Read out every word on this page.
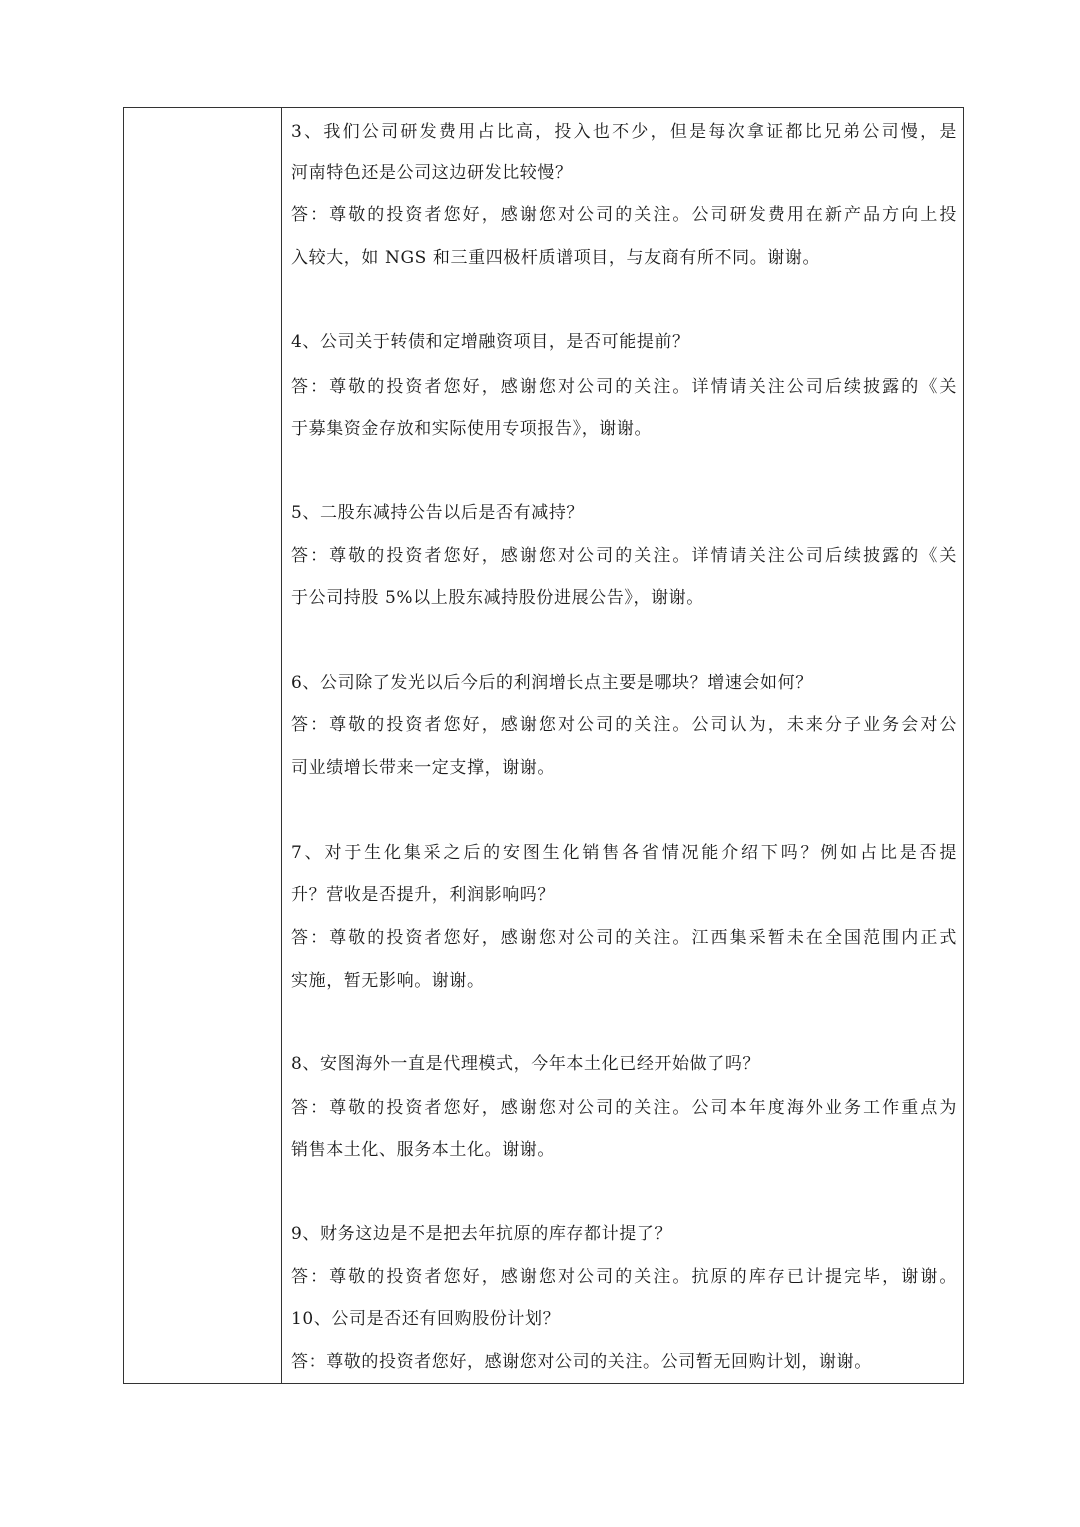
3、我们公司研发费用占比高，投入也不少，但是每次拿证都比兄弟公司慢，是
河南特色还是公司这边研发比较慢？
答：尊敬的投资者您好，感谢您对公司的关注。公司研发费用在新产品方向上投
入较大，如 NGS 和三重四极杆质谱项目，与友商有所不同。谢谢。
4、公司关于转债和定增融资项目，是否可能提前？
答：尊敬的投资者您好，感谢您对公司的关注。详情请关注公司后续披露的《关
于募集资金存放和实际使用专项报告》，谢谢。
5、二股东减持公告以后是否有减持？
答：尊敬的投资者您好，感谢您对公司的关注。详情请关注公司后续披露的《关
于公司持股 5%以上股东减持股份进展公告》，谢谢。
6、公司除了发光以后今后的利润增长点主要是哪块？增速会如何？
答：尊敬的投资者您好，感谢您对公司的关注。公司认为，未来分子业务会对公
司业绩增长带来一定支撑，谢谢。
7、对于生化集采之后的安图生化销售各省情况能介绍下吗？例如占比是否提
升？营收是否提升，利润影响吗？
答：尊敬的投资者您好，感谢您对公司的关注。江西集采暂未在全国范围内正式
实施，暂无影响。谢谢。
8、安图海外一直是代理模式，今年本土化已经开始做了吗？
答：尊敬的投资者您好，感谢您对公司的关注。公司本年度海外业务工作重点为
销售本土化、服务本土化。谢谢。
9、财务这边是不是把去年抗原的库存都计提了？
答：尊敬的投资者您好，感谢您对公司的关注。抗原的库存已计提完毕，谢谢。
10、公司是否还有回购股份计划？
答：尊敬的投资者您好，感谢您对公司的关注。公司暂无回购计划，谢谢。
